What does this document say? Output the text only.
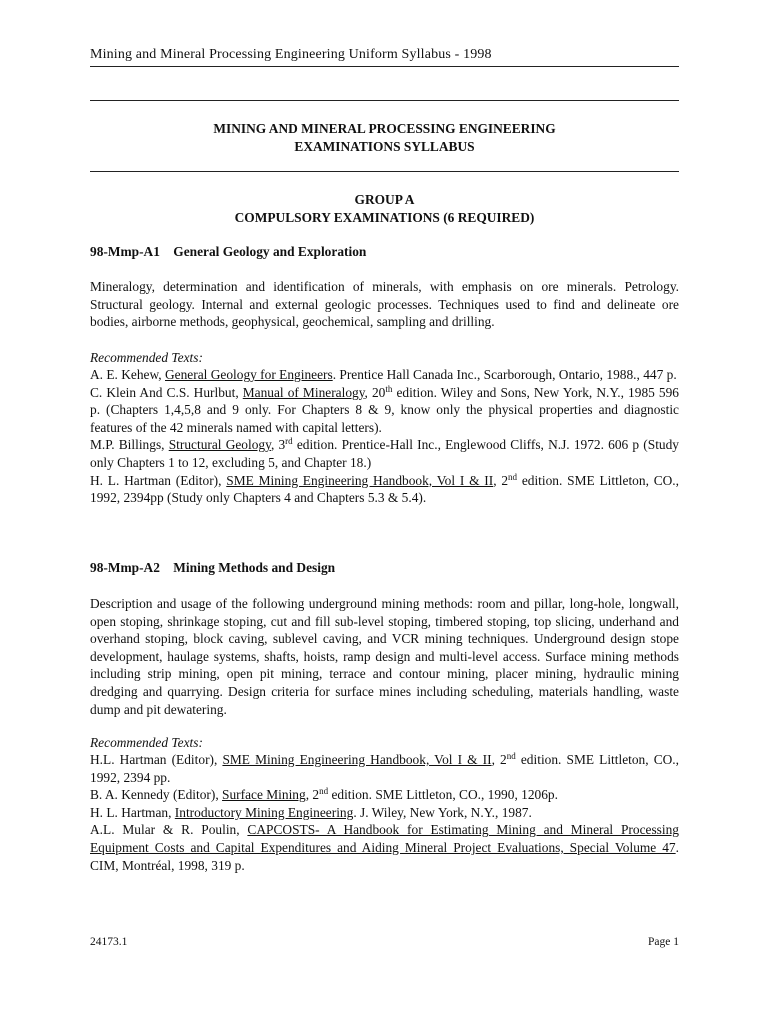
Mining and Mineral Processing Engineering Uniform Syllabus - 1998
MINING AND MINERAL PROCESSING ENGINEERING
EXAMINATIONS SYLLABUS
GROUP A
COMPULSORY EXAMINATIONS (6 REQUIRED)
98-Mmp-A1 General Geology and Exploration
Mineralogy, determination and identification of minerals, with emphasis on ore minerals. Petrology. Structural geology. Internal and external geologic processes. Techniques used to find and delineate ore bodies, airborne methods, geophysical, geochemical, sampling and drilling.
Recommended Texts:
A. E. Kehew, General Geology for Engineers. Prentice Hall Canada Inc., Scarborough, Ontario, 1988., 447 p.
C. Klein And C.S. Hurlbut, Manual of Mineralogy, 20th edition. Wiley and Sons, New York, N.Y., 1985 596 p. (Chapters 1,4,5,8 and 9 only. For Chapters 8 & 9, know only the physical properties and diagnostic features of the 42 minerals named with capital letters).
M.P. Billings, Structural Geology, 3rd edition. Prentice-Hall Inc., Englewood Cliffs, N.J. 1972. 606 p (Study only Chapters 1 to 12, excluding 5, and Chapter 18.)
H. L. Hartman (Editor), SME Mining Engineering Handbook, Vol I & II, 2nd edition. SME Littleton, CO., 1992, 2394pp (Study only Chapters 4 and Chapters 5.3 & 5.4).
98-Mmp-A2 Mining Methods and Design
Description and usage of the following underground mining methods: room and pillar, long-hole, longwall, open stoping, shrinkage stoping, cut and fill sub-level stoping, timbered stoping, top slicing, underhand and overhand stoping, block caving, sublevel caving, and VCR mining techniques. Underground design stope development, haulage systems, shafts, hoists, ramp design and multi-level access. Surface mining methods including strip mining, open pit mining, terrace and contour mining, placer mining, hydraulic mining dredging and quarrying. Design criteria for surface mines including scheduling, materials handling, waste dump and pit dewatering.
Recommended Texts:
H.L. Hartman (Editor), SME Mining Engineering Handbook, Vol I & II, 2nd edition. SME Littleton, CO., 1992, 2394 pp.
B. A. Kennedy (Editor), Surface Mining, 2nd edition. SME Littleton, CO., 1990, 1206p.
H. L. Hartman, Introductory Mining Engineering. J. Wiley, New York, N.Y., 1987.
A.L. Mular & R. Poulin, CAPCOSTS- A Handbook for Estimating Mining and Mineral Processing Equipment Costs and Capital Expenditures and Aiding Mineral Project Evaluations, Special Volume 47. CIM, Montréal, 1998, 319 p.
24173.1	Page 1
